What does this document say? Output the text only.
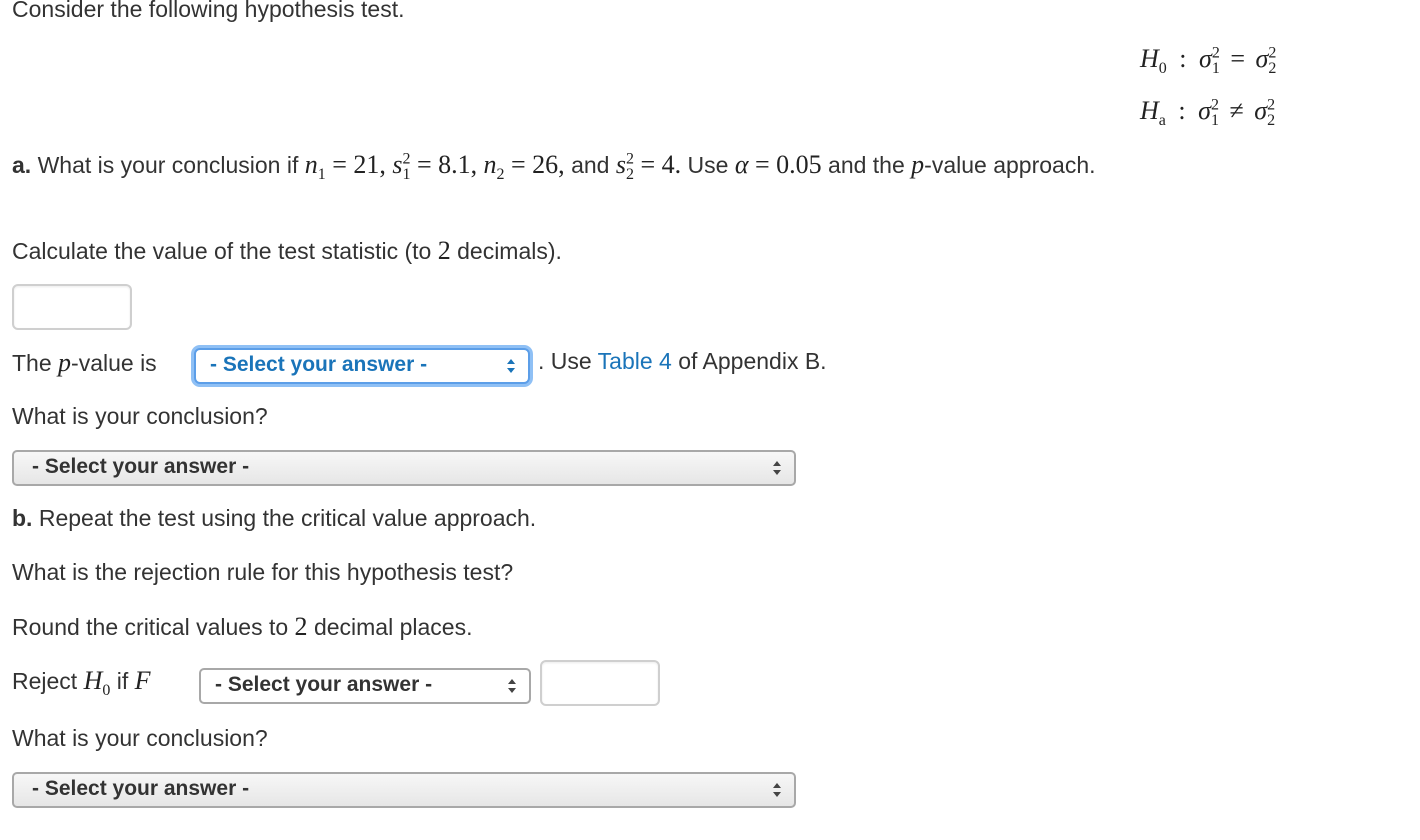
Consider the following hypothesis test.
$H_0$ : $\sigma^2_1 = \sigma^2_2$
$H_a$ : $\sigma^2_1 \ne \sigma^2_2$
a. What is your conclusion if $n_1 = 21$, $s^2_1 = 8.1$, $n_2 = 26$, and $s^2_2 = 4$. Use α = 0.05 and the p-value approach.
Calculate the value of the test statistic (to 2 decimals).
The p-value is	- Select your answer -	. Use Table 4 of Appendix B.
What is your conclusion?
- Select your answer -
b. Repeat the test using the critical value approach.
What is the rejection rule for this hypothesis test?
Round the critical values to 2 decimal places.
Reject $H_0$ if F	- Select your answer -
What is your conclusion?
- Select your answer -
